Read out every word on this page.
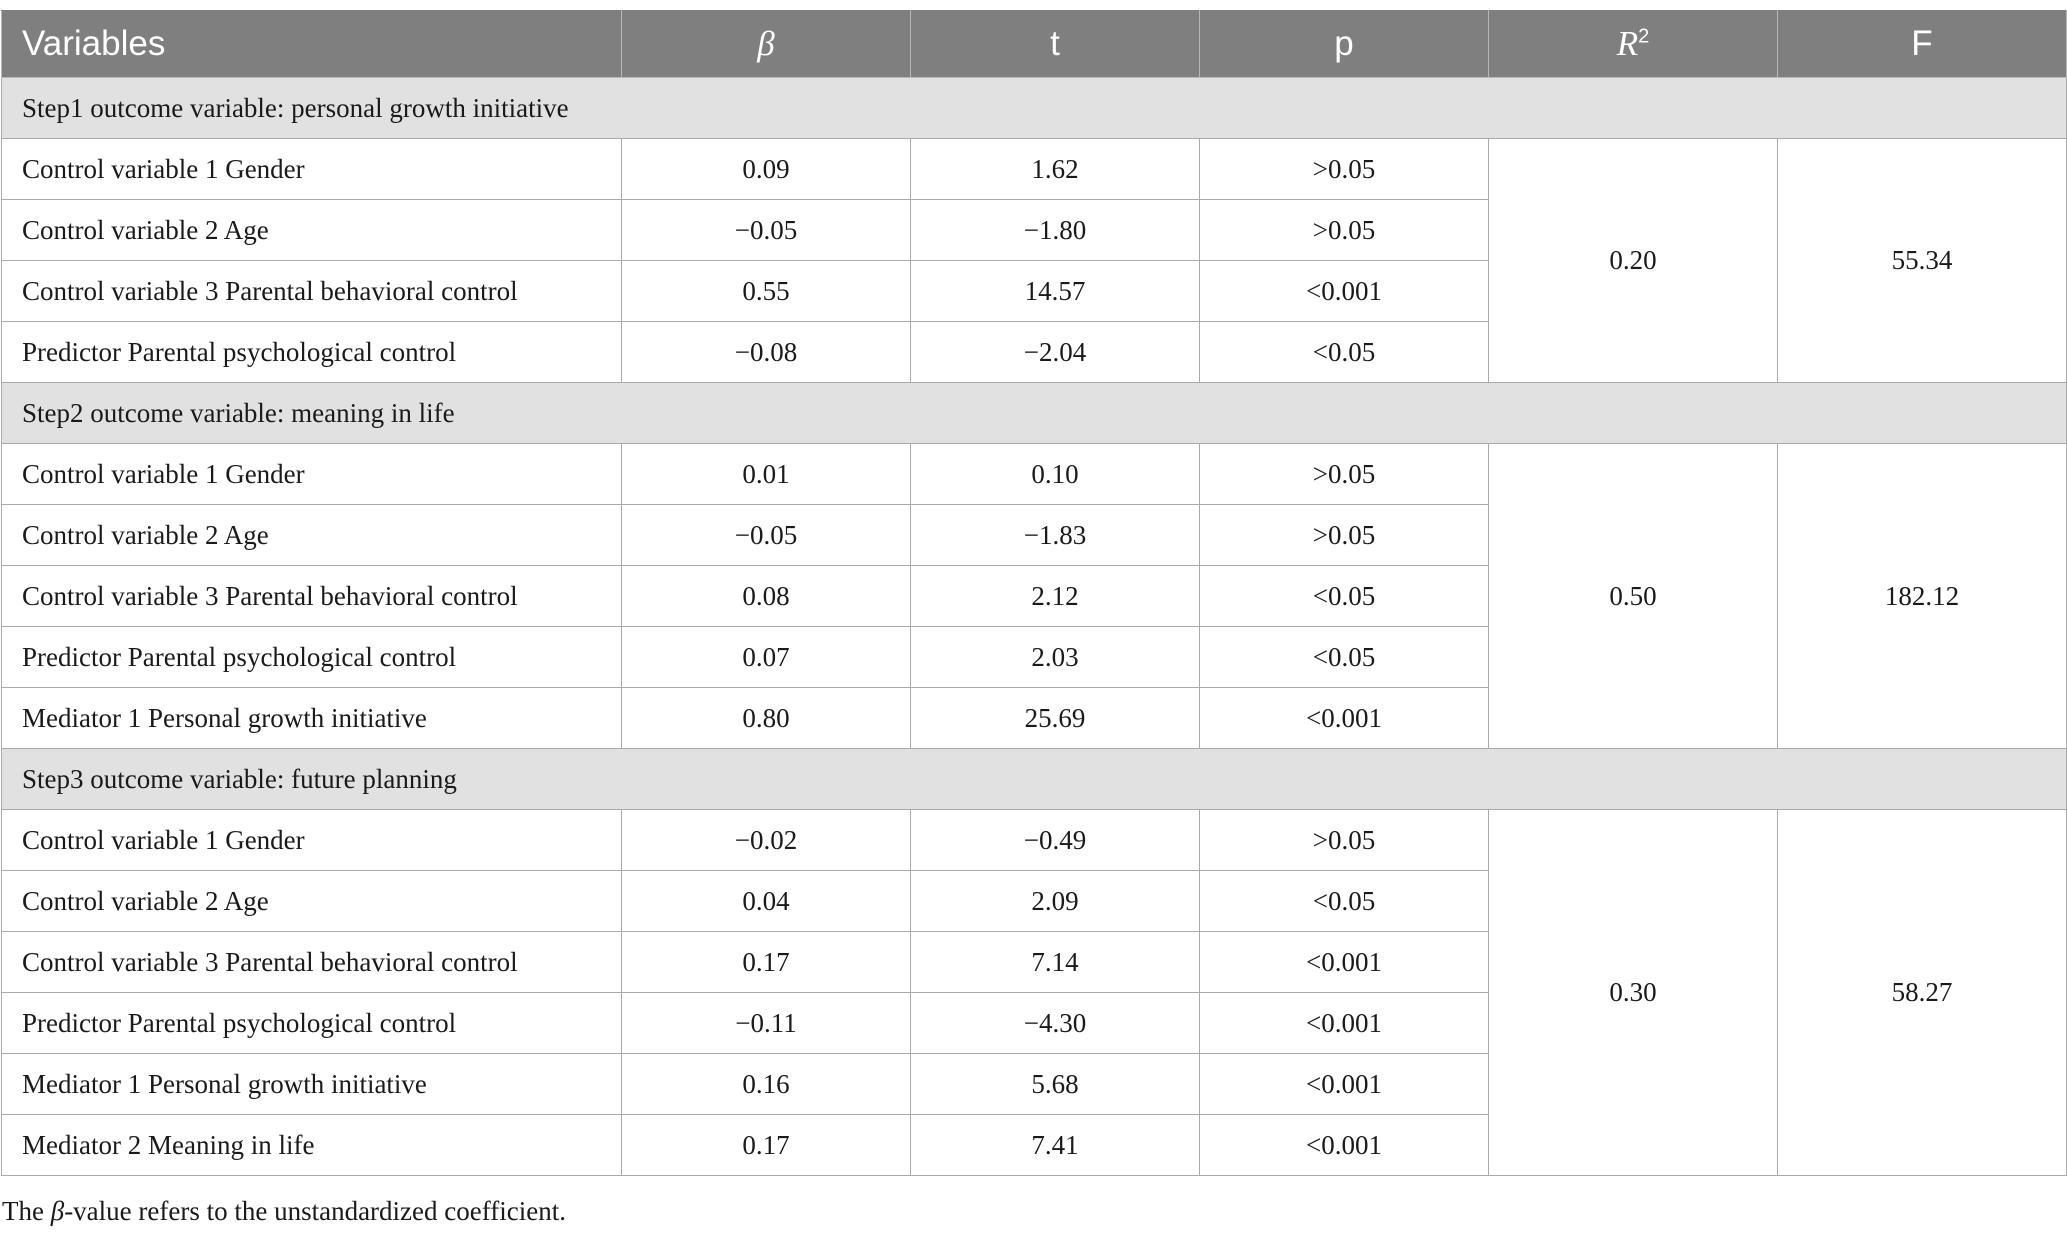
Variables	β	t	p	$R^2$	F
Step1 outcome variable: personal growth initiative					
Control variable 1 Gender	0.09	1.62	>0.05	0.20	55.34
Control variable 2 Age	−0.05	−1.80	>0.05		
Control variable 3 Parental behavioral control	0.55	14.57	<0.001		
Predictor Parental psychological control	−0.08	−2.04	<0.05		
Step2 outcome variable: meaning in life					
Control variable 1 Gender	0.01	0.10	>0.05	0.50	182.12
Control variable 2 Age	−0.05	−1.83	>0.05		
Control variable 3 Parental behavioral control	0.08	2.12	<0.05		
Predictor Parental psychological control	0.07	2.03	<0.05		
Mediator 1 Personal growth initiative	0.80	25.69	<0.001		
Step3 outcome variable: future planning					
Control variable 1 Gender	−0.02	−0.49	>0.05	0.30	58.27
Control variable 2 Age	0.04	2.09	<0.05		
Control variable 3 Parental behavioral control	0.17	7.14	<0.001		
Predictor Parental psychological control	−0.11	−4.30	<0.001		
Mediator 1 Personal growth initiative	0.16	5.68	<0.001		
Mediator 2 Meaning in life	0.17	7.41	<0.001		
The β-value refers to the unstandardized coefficient.
